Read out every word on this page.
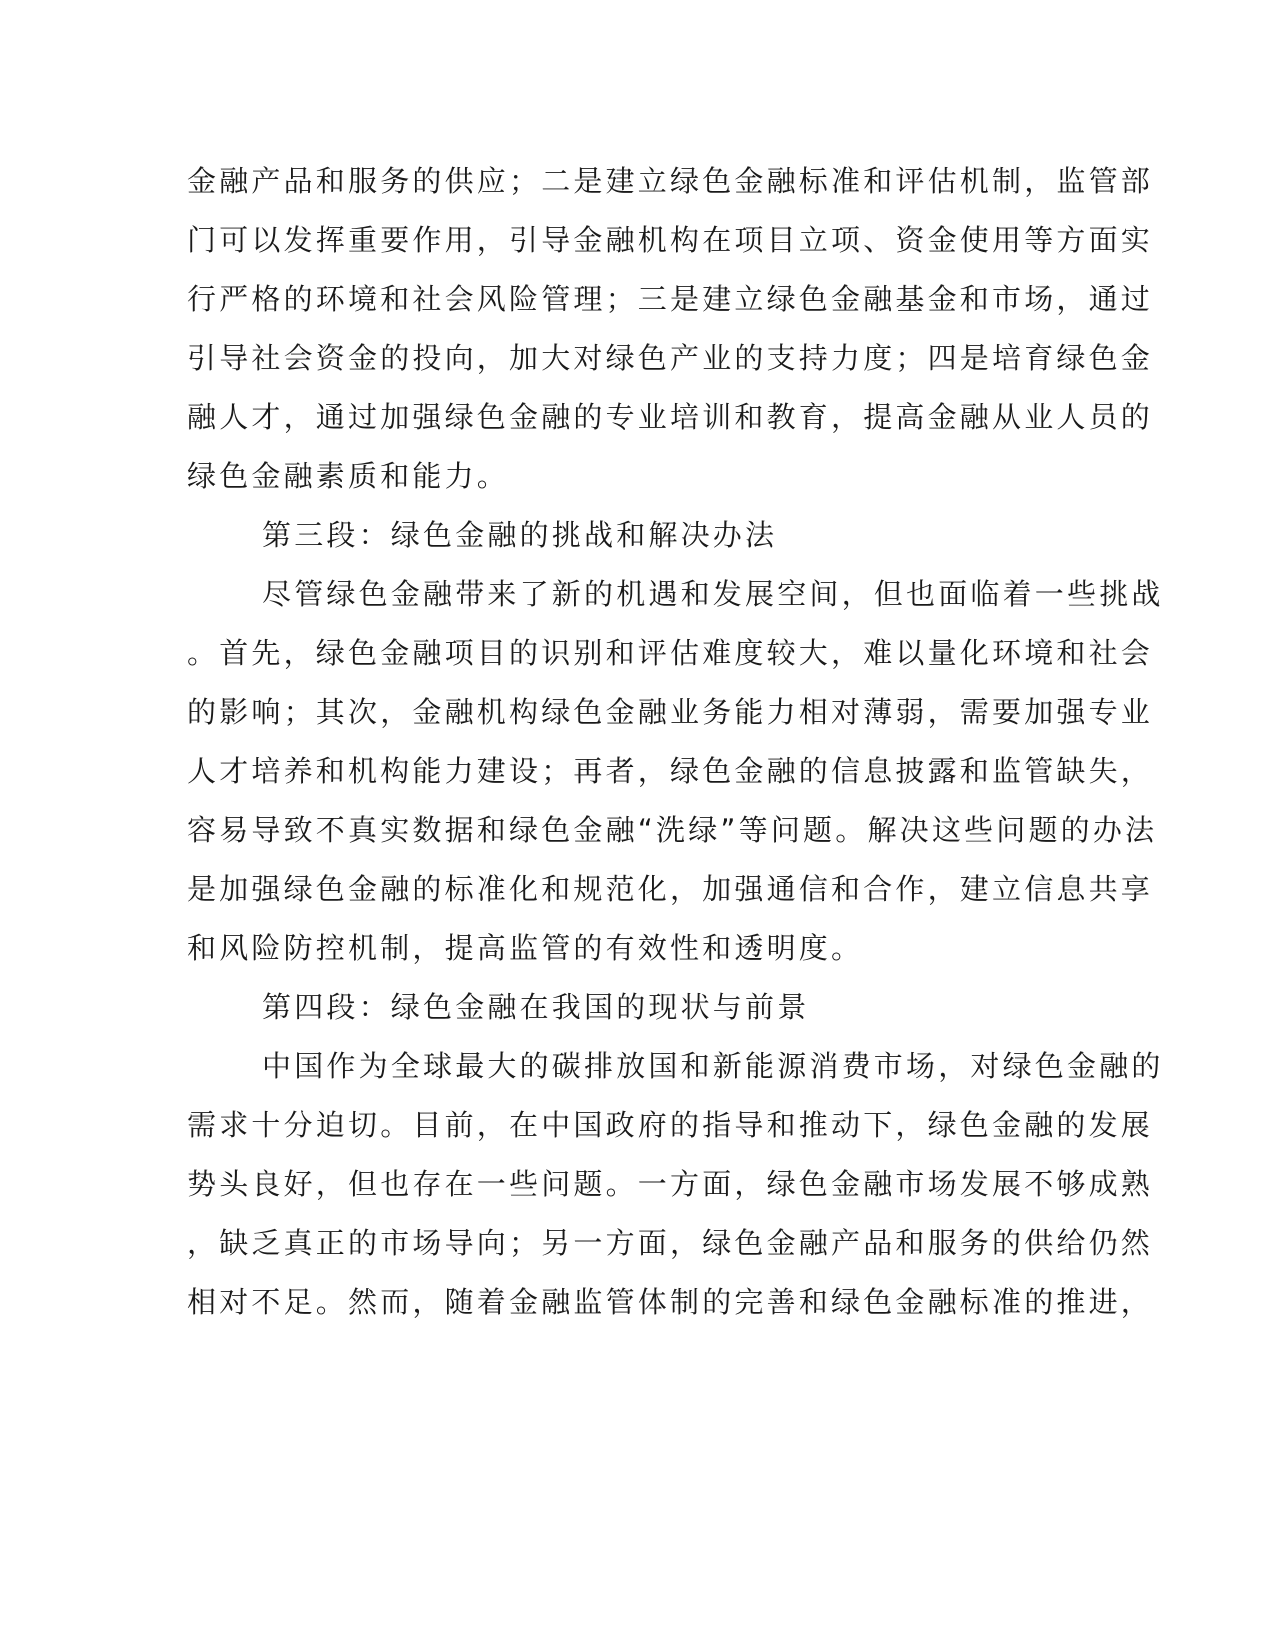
金融产品和服务的供应；二是建立绿色金融标准和评估机制，监管部
门可以发挥重要作用，引导金融机构在项目立项、资金使用等方面实
行严格的环境和社会风险管理；三是建立绿色金融基金和市场，通过
引导社会资金的投向，加大对绿色产业的支持力度；四是培育绿色金
融人才，通过加强绿色金融的专业培训和教育，提高金融从业人员的
绿色金融素质和能力。
第三段：绿色金融的挑战和解决办法
尽管绿色金融带来了新的机遇和发展空间，但也面临着一些挑战
。首先，绿色金融项目的识别和评估难度较大，难以量化环境和社会
的影响；其次，金融机构绿色金融业务能力相对薄弱，需要加强专业
人才培养和机构能力建设；再者，绿色金融的信息披露和监管缺失，
容易导致不真实数据和绿色金融“洗绿”等问题。解决这些问题的办法
是加强绿色金融的标准化和规范化，加强通信和合作，建立信息共享
和风险防控机制，提高监管的有效性和透明度。
第四段：绿色金融在我国的现状与前景
中国作为全球最大的碳排放国和新能源消费市场，对绿色金融的
需求十分迫切。目前，在中国政府的指导和推动下，绿色金融的发展
势头良好，但也存在一些问题。一方面，绿色金融市场发展不够成熟
，缺乏真正的市场导向；另一方面，绿色金融产品和服务的供给仍然
相对不足。然而，随着金融监管体制的完善和绿色金融标准的推进，
